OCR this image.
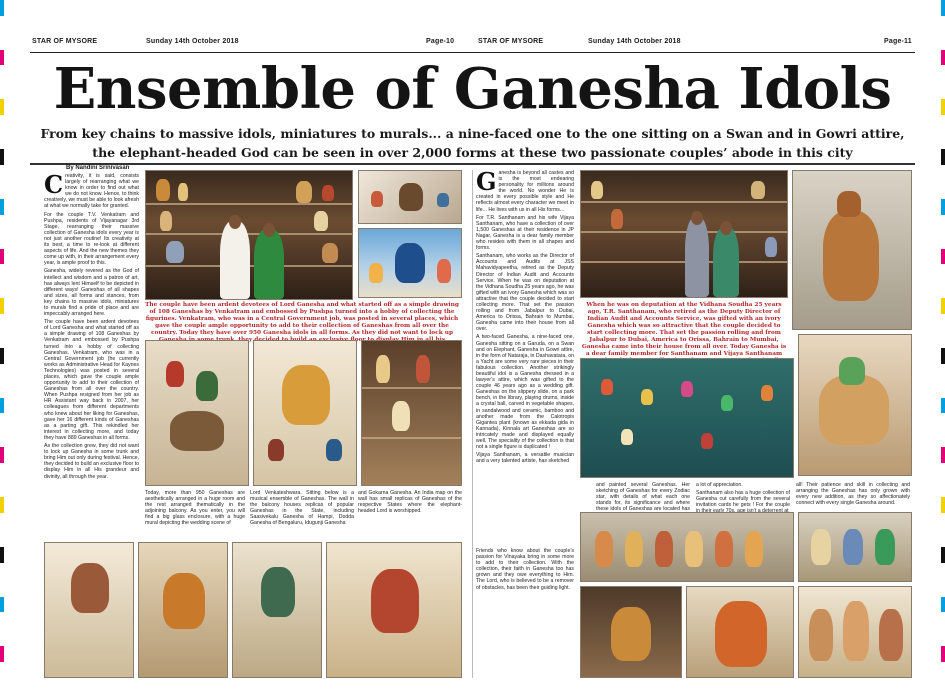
STAR OF MYSORE	Sunday 14th October 2018	Page-10	STAR OF MYSORE	Sunday 14th October 2018	Page-11
Ensemble of Ganesha Idols
From key chains to massive idols, miniatures to murals... a nine-faced one to the one sitting on a Swan and in Gowri attire, the elephant-headed God can be seen in over 2,000 forms at these two passionate couples’ abode in this city
By Nandini Srinivasan
C reativity, it is said, consists largely of rearranging what we know in order to find out what we do not know. Hence, to think creatively, we must be able to look afresh at what we normally take for granted.

For the couple T.V. Venkatram and Pushpa, residents of Vijayanagar 3rd Stage, rearranging their massive collection of Ganesha idols every year is not just another routine! Its creativity at its best, a time to re-look at different aspects of life. And the new themes they come up with, in their arrangement every year, is ample proof to this.

Ganesha, widely revered as the God of intellect and wisdom and a patron of art, has always lent Himself to be depicted in different ways! Ganeshas of all shapes and sizes, all forms and stances, from key chains to massive idols, miniatures to murals find a pride of place and are impeccably arranged here.

The couple have been ardent devotees of Lord Ganesha and what started off as a simple drawing of 108 Ganeshas by Venkatram and embossed by Pushpa turned into a hobby of collecting Ganeshas. Venkatram, who was in a Central Government job (he currently works as Administrative Head for Kaynes Technologies) was posted in several places, which gave the couple ample opportunity to add to their collection of Ganeshas from all over the country. When Pushpa resigned from her job as HR Assistant way back in 2007, her colleagues from different departments who knew about her liking for Ganeshas, gave her 16 different kinds of Ganeshas as a parting gift. This rekindled her interest in collecting more, and today they have 889 Ganeshas in all forms.

As the collection grew, they did not want to lock up Ganesha in some trunk and bring Him out only during festival. Hence, they decided to build an exclusive floor to display Him in all His grandeur and divinity, all through the year.

The couple have been ardent devotees of Lord Ganesha and what started off as a simple drawing of 108 Ganeshas by Venkatram and embossed by Pushpa turned into a hobby of collecting the figurines. Venkatram, who was in a Central Government job, was posted in several places, which gave the couple ample opportunity to add to their collection of Ganeshas from all over the country. Today they have over 950 Ganesha idols in all forms. As they did not want to lock up floor

Today, more than 950 Ganeshas are aesthetically arranged in a huge room and the rest arranged thematically in the adjoining balcony. As you enter, you will find a big glass enclosure, with a huge mural depicting the wedding scene of

Lord Venkateshwara. Sitting below is a musical ensemble of Ganeshas. The wall in the balcony houses replicas of popular Ganeshas in the State, including Saasivekalu Ganesha of Hampi, Dodda Ganesha of Bengaluru, Idugunji Ganesha

G anesha is beyond all castes and is the most endearing personality for millions around the world. No wonder He is created in every possible style and He reflects almost every character we meet in life... He lives with us in all His forms...

For T.R. Santhanam and his wife Vijaya Santhanam, who have a collection of over 1,500 Ganeshas at their residence in JP Nagar, Ganesha is a dear family member who resides with them in all shapes and forms.

Santhanam, who works as the Director of Accounts and Audits at JSS Mahavidyapeetha, retired as the Deputy Director of Indian Audit and Accounts Service. When he was on deputation at the Vidhana Soudha 25 years ago, he was gifted with an ivory Ganesha which was so attractive that the couple decided to start collecting more. That set the passion rolling and from Jabalpur to Dubai, America to Orissa, Bahrain to Mumbai, Ganesha came into their house from all over.

A two-faced Ganesha, a nine-faced one, Ganesha sitting on a Garuda, on a Swan and on Elephant, Ganesha in Gowri attire, in the form of Nataraja, in Dashavatara, on a Yacht are some very rare pieces in their fabulous collection. Another strikingly beautiful idol is a Ganesha dressed in a lawyer’s attire, which was gifted to the couple 46 years ago as a wedding gift. Ganeshas on the slippery slide, on a park bench, in the library, playing drums, inside a crystal ball, carved in vegetable shapes, in sandalwood and ceramic, bamboo and another made from the Calotropis Gigantea plant (known as ekkada gida in Kannada), Kinnala art Ganeshas are so intricately made and displayed equally well. The speciality of the collection is that not a single figure is duplicated !

Vijaya Santhanam, a versatile musician and a very talented artiste, has sketched

When he was on deputation at the Vidhana Soudha 25 years ago, T.R. Santhanam, who retired as the Deputy Director of Indian Audit and Accounts Service, was gifted with an ivory Ganesha which was so attractive that the couple decided to start collecting more. That set the passion rolling and from Jabalpur to Dubai, America to Orissa, Bahrain to Mumbai, Ganesha came into their house from all over. Today Ganesha is a dear family member for Santhanam and Vijaya Santhanam

and painted several Ganeshas. Her sketching of Ganeshas for every Zodiac star, with details of what each one stands for, its significance and where these idols of Ganeshas are located has

a lot of appreciation.

Santhanam also has a huge collection of Ganesha cut carefully from the several invitation cards he gets ! For the couple

all! Their patience and skill in collecting and arranging the Ganeshas has only grown with every new addition, as they so affectionately connect with every single Ganesha around.

Friends who know about the couple’s passion for Vinayaka bring in some more to add to their collection. With the collection, their faith in Ganesha too has grown and they owe everything to Him. The Lord, who is believed to be a remover of obstacles, has been their guiding light.

and Gokarna Ganesha. An India map on the wall has small replicas of Ganeshas of the respective States where the elephant-headed Lord is worshipped.
